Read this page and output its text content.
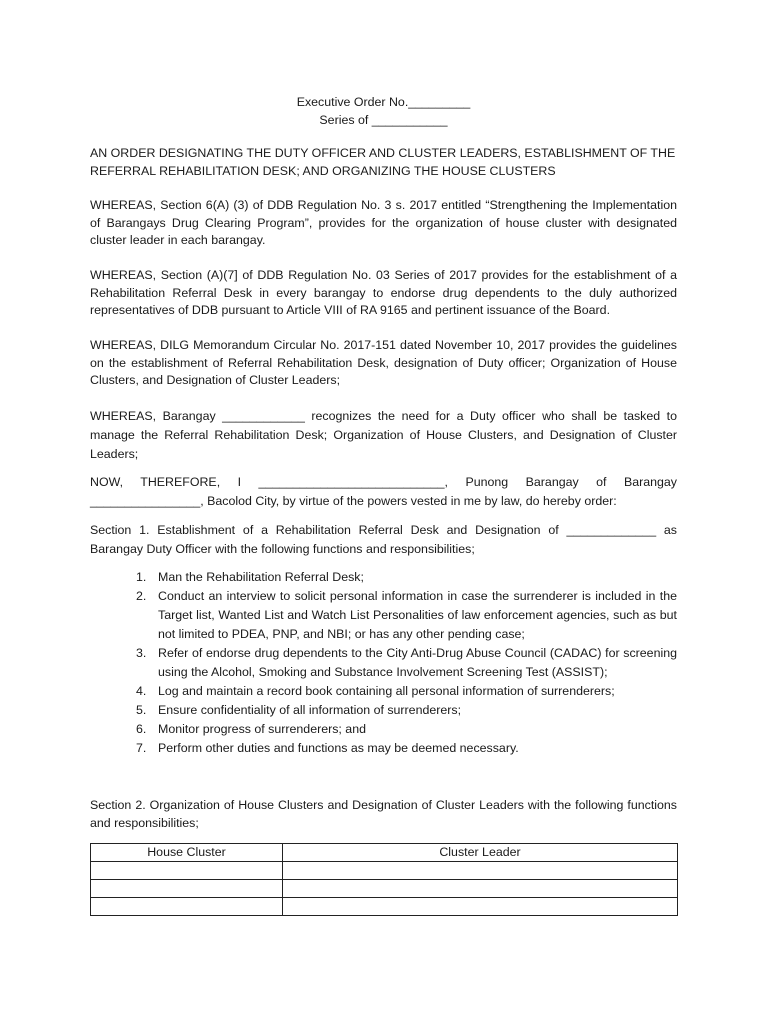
Executive Order No._________
Series of ___________
AN ORDER DESIGNATING THE DUTY OFFICER AND CLUSTER LEADERS, ESTABLISHMENT OF THE REFERRAL REHABILITATION DESK; AND ORGANIZING THE HOUSE CLUSTERS
WHEREAS, Section 6(A) (3) of DDB Regulation No. 3 s. 2017 entitled “Strengthening the Implementation of Barangays Drug Clearing Program”, provides for the organization of house cluster with designated cluster leader in each barangay.
WHEREAS, Section (A)(7] of DDB Regulation No. 03 Series of 2017 provides for the establishment of a Rehabilitation Referral Desk in every barangay to endorse drug dependents to the duly authorized representatives of DDB pursuant to Article VIII of RA 9165 and pertinent issuance of the Board.
WHEREAS, DILG Memorandum Circular No. 2017-151 dated November 10, 2017 provides the guidelines on the establishment of Referral Rehabilitation Desk, designation of Duty officer; Organization of House Clusters, and Designation of Cluster Leaders;
WHEREAS, Barangay ____________ recognizes the need for a Duty officer who shall be tasked to manage the Referral Rehabilitation Desk; Organization of House Clusters, and Designation of Cluster Leaders;
NOW, THEREFORE, I ___________________________, Punong Barangay of Barangay ________________, Bacolod City, by virtue of the powers vested in me by law, do hereby order:
Section 1. Establishment of a Rehabilitation Referral Desk and Designation of _____________ as Barangay Duty Officer with the following functions and responsibilities;
1. Man the Rehabilitation Referral Desk;
2. Conduct an interview to solicit personal information in case the surrenderer is included in the Target list, Wanted List and Watch List Personalities of law enforcement agencies, such as but not limited to PDEA, PNP, and NBI; or has any other pending case;
3. Refer of endorse drug dependents to the City Anti-Drug Abuse Council (CADAC) for screening using the Alcohol, Smoking and Substance Involvement Screening Test (ASSIST);
4. Log and maintain a record book containing all personal information of surrenderers;
5. Ensure confidentiality of all information of surrenderers;
6. Monitor progress of surrenderers; and
7. Perform other duties and functions as may be deemed necessary.
Section 2. Organization of House Clusters and Designation of Cluster Leaders with the following functions and responsibilities;
House Cluster	Cluster Leader
